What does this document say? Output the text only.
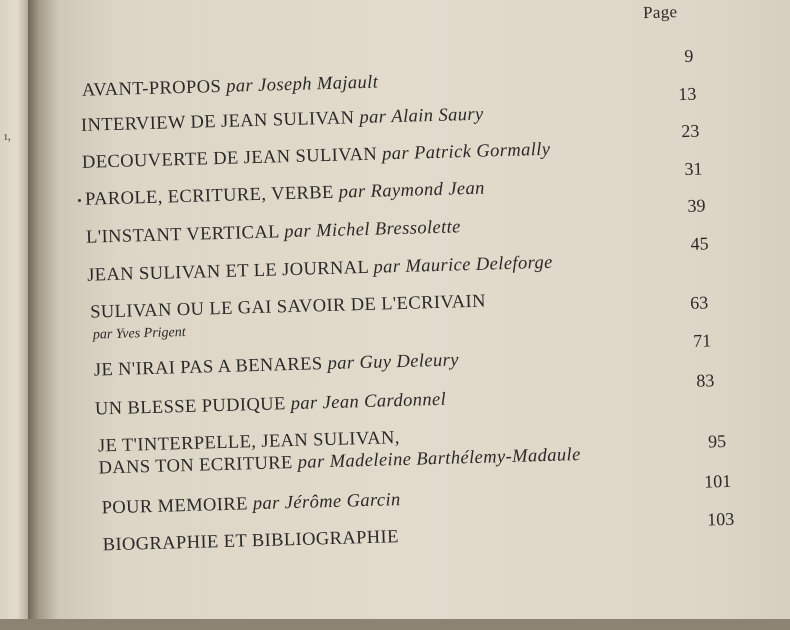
ı,
Page
AVANT-PROPOS par Joseph Majault
9
INTERVIEW DE JEAN SULIVAN par Alain Saury
13
DECOUVERTE DE JEAN SULIVAN par Patrick Gormally
23
PAROLE, ECRITURE, VERBE par Raymond Jean
31
L'INSTANT VERTICAL par Michel Bressolette
39
JEAN SULIVAN ET LE JOURNAL par Maurice Deleforge
45
SULIVAN OU LE GAI SAVOIR DE L'ECRIVAIN
par Yves Prigent
63
JE N'IRAI PAS A BENARES par Guy Deleury
71
UN BLESSE PUDIQUE par Jean Cardonnel
83
JE T'INTERPELLE, JEAN SULIVAN,
DANS TON ECRITURE par Madeleine Barthélemy-Madaule
95
POUR MEMOIRE par Jérôme Garcin
101
BIOGRAPHIE ET BIBLIOGRAPHIE
103
